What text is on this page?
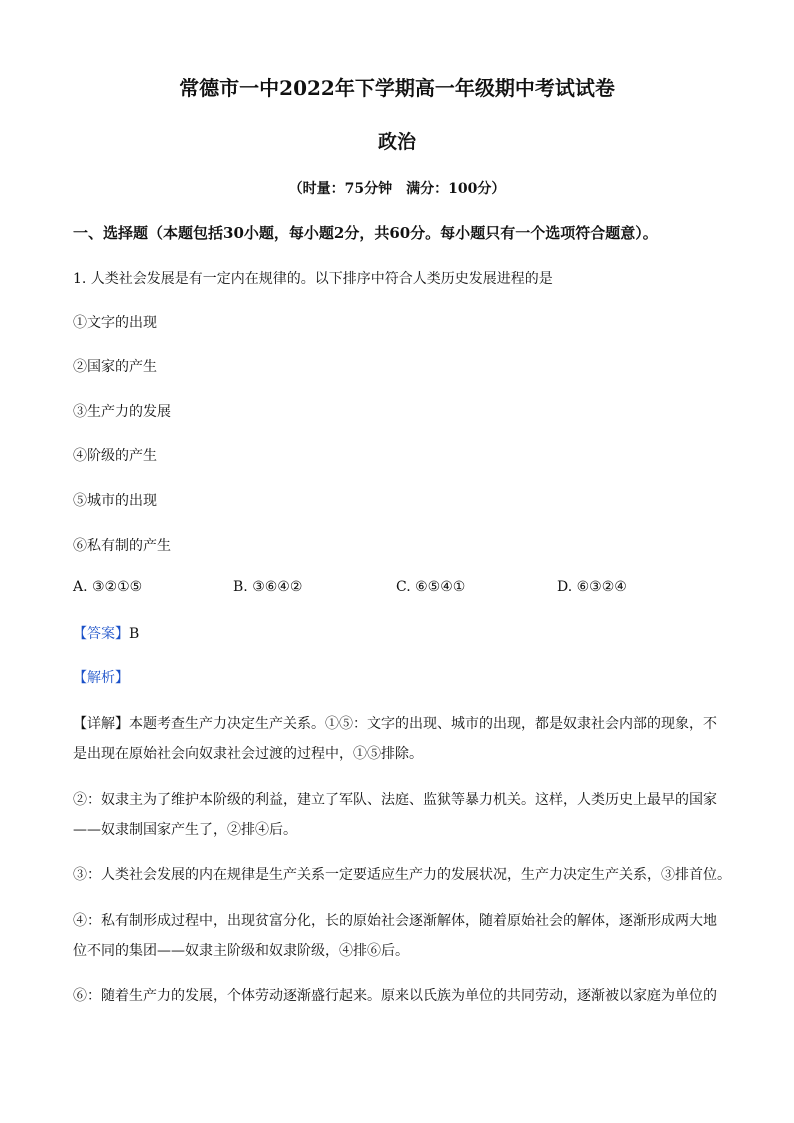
常德市一中2022年下学期高一年级期中考试试卷
政治
（时量：75分钟　满分：100分）
一、选择题（本题包括30小题，每小题2分，共60分。每小题只有一个选项符合题意）。
1. 人类社会发展是有一定内在规律的。以下排序中符合人类历史发展进程的是
①文字的出现
②国家的产生
③生产力的发展
④阶级的产生
⑤城市的出现
⑥私有制的产生
A. ③②①⑤	B. ③⑥④②	C. ⑥⑤④①	D. ⑥③②④
【答案】B
【解析】
【详解】本题考查生产力决定生产关系。①⑤：文字的出现、城市的出现，都是奴隶社会内部的现象，不
是出现在原始社会向奴隶社会过渡的过程中，①⑤排除。
②：奴隶主为了维护本阶级的利益，建立了军队、法庭、监狱等暴力机关。这样，人类历史上最早的国家
——奴隶制国家产生了，②排④后。
③：人类社会发展的内在规律是生产关系一定要适应生产力的发展状况，生产力决定生产关系，③排首位。
④：私有制形成过程中，出现贫富分化，长的原始社会逐渐解体，随着原始社会的解体，逐渐形成两大地
位不同的集团——奴隶主阶级和奴隶阶级，④排⑥后。
⑥：随着生产力的发展，个体劳动逐渐盛行起来。原来以氏族为单位的共同劳动，逐渐被以家庭为单位的
